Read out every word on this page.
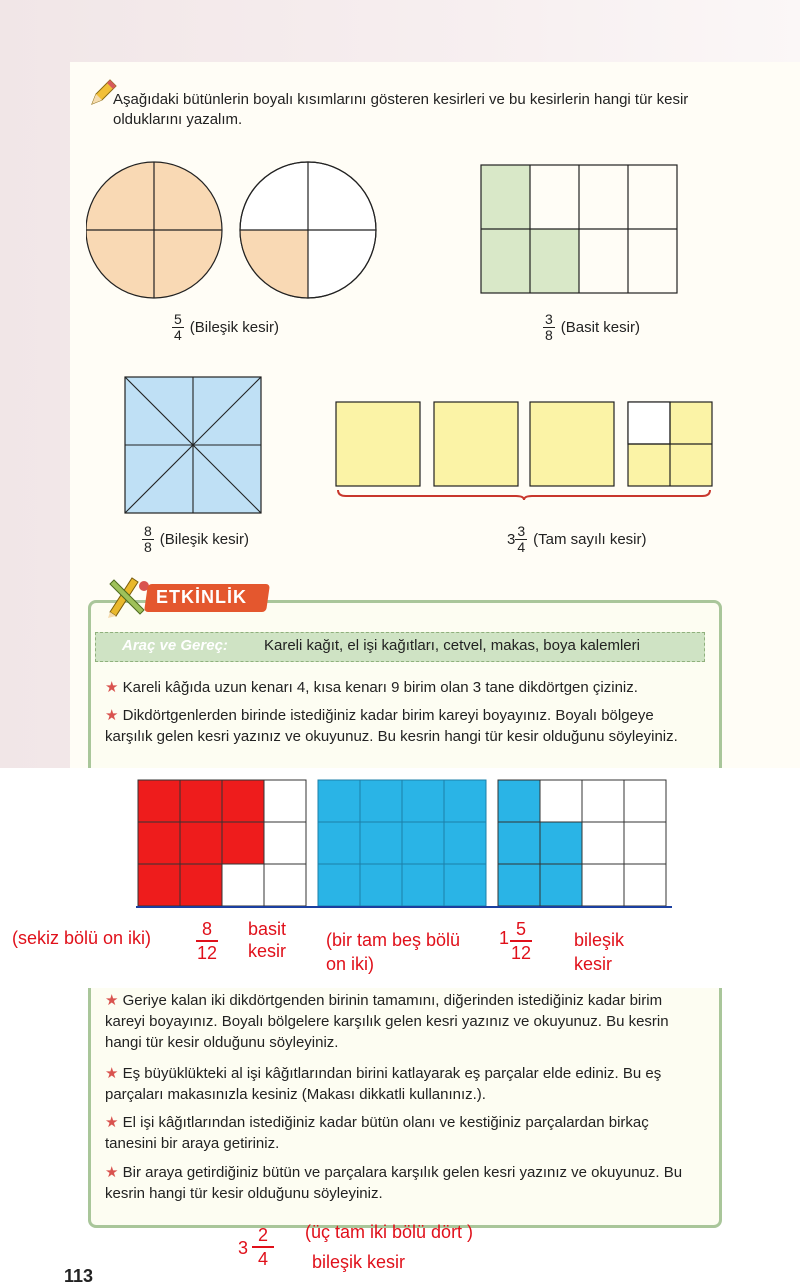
Aşağıdaki bütünlerin boyalı kısımlarını gösteren kesirleri ve bu kesirlerin hangi tür kesir olduklarını yazalım.
$\frac{5}{4}$ (Bileşik kesir)	$\frac{3}{8}$ (Basit kesir)
$\frac{8}{8}$ (Bileşik kesir)	$3 \frac{3}{4} (Tam$ sayılı kesir)
ETKİNLİK
Araç ve Gereç: Kareli kağıt, el işi kağıtları, cetvel, makas, boya kalemleri
★ Kareli kâğıda uzun kenarı 4, kısa kenarı 9 birim olan 3 tane dikdörtgen çiziniz.
★ Dikdörtgenlerden birinde istediğiniz kadar birim kareyi boyayınız. Boyalı bölgeye karşılık gelen kesri yazınız ve okuyunuz. Bu kesrin hangi tür kesir olduğunu söyleyiniz.
(sekiz bölü on $iki) \frac{8}{12}$ basit
kesir
(bir tam beş bölü
on iki)
$1 \frac{5}{12}$ bileşik
kesir
★ Geriye kalan iki dikdörtgenden birinin tamamını, diğerinden istediğiniz kadar birim kareyi boyayınız. Boyalı bölgelere karşılık gelen kesri yazınız ve okuyunuz. Bu kesrin hangi tür kesir olduğunu söyleyiniz.
★ Eş büyüklükteki al işi kâğıtlarından birini katlayarak eş parçalar elde ediniz. Bu eş parçaları makasınızla kesiniz (Makası dikkatli kullanınız.).
★ El işi kâğıtlarından istediğiniz kadar bütün olanı ve kestiğiniz parçalardan birkaç tanesini bir araya getiriniz.
★ Bir araya getirdiğiniz bütün ve parçalara karşılık gelen kesri yazınız ve okuyunuz. Bu kesrin hangi tür kesir olduğunu söyleyiniz.
$3 \frac{2}{4}$ (üç tam iki bölü dört )
bileşik kesir
113
